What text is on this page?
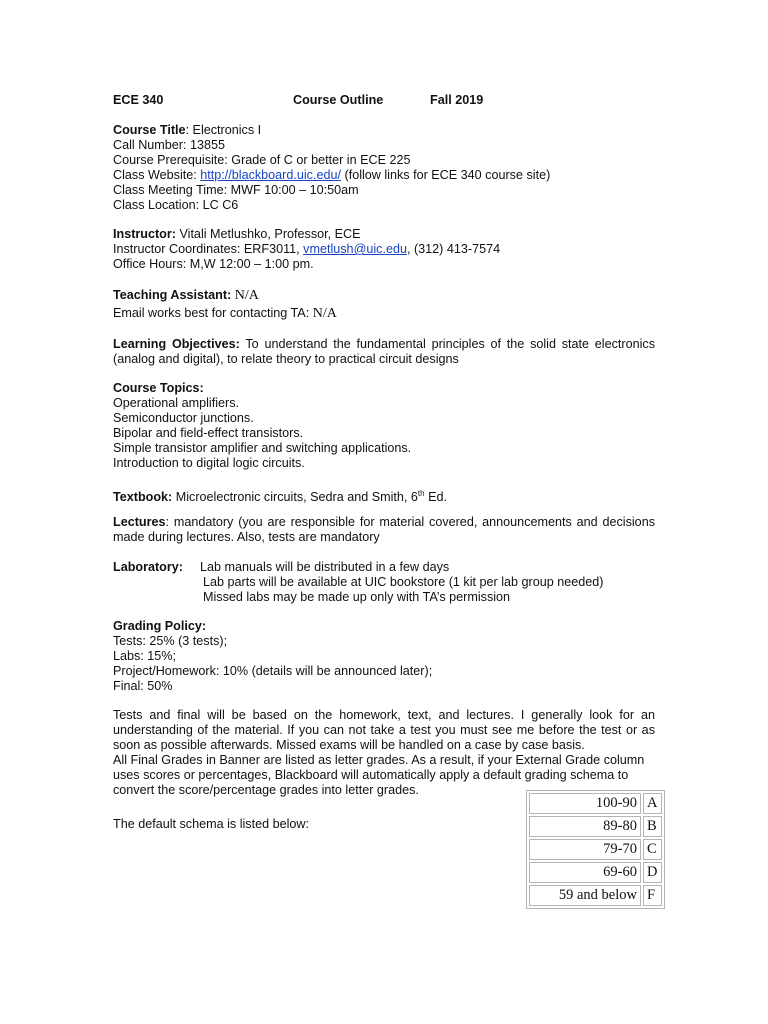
ECE 340	Course Outline	Fall 2019
Course Title: Electronics I
Call Number: 13855
Course Prerequisite: Grade of C or better in ECE 225
Class Website: http://blackboard.uic.edu/ (follow links for ECE 340 course site)
Class Meeting Time: MWF 10:00 – 10:50am
Class Location: LC C6
Instructor: Vitali Metlushko, Professor, ECE
Instructor Coordinates: ERF3011, vmetlush@uic.edu, (312) 413-7574
Office Hours: M,W 12:00 – 1:00 pm.
Teaching Assistant: N/A
Email works best for contacting TA: N/A
Learning Objectives: To understand the fundamental principles of the solid state electronics
(analog and digital), to relate theory to practical circuit designs
Course Topics:
Operational amplifiers.
Semiconductor junctions.
Bipolar and field-effect transistors.
Simple transistor amplifier and switching applications.
Introduction to digital logic circuits.
Textbook: Microelectronic circuits, Sedra and Smith, 6th Ed.
Lectures: mandatory (you are responsible for material covered, announcements and decisions
made during lectures. Also, tests are mandatory
Laboratory: Lab manuals will be distributed in a few days
Lab parts will be available at UIC bookstore (1 kit per lab group needed)
Missed labs may be made up only with TA’s permission
Grading Policy:
Tests: 25% (3 tests);
Labs: 15%;
Project/Homework: 10% (details will be announced later);
Final: 50%
Tests and final will be based on the homework, text, and lectures. I generally look for an
understanding of the material. If you can not take a test you must see me before the test or as
soon as possible afterwards. Missed exams will be handled on a case by case basis.
All Final Grades in Banner are listed as letter grades. As a result, if your External Grade column
uses scores or percentages, Blackboard will automatically apply a default grading schema to
convert the score/percentage grades into letter grades.
The default schema is listed below:
100-90	A
89-80	B
79-70	C
69-60	D
59 and below	F
